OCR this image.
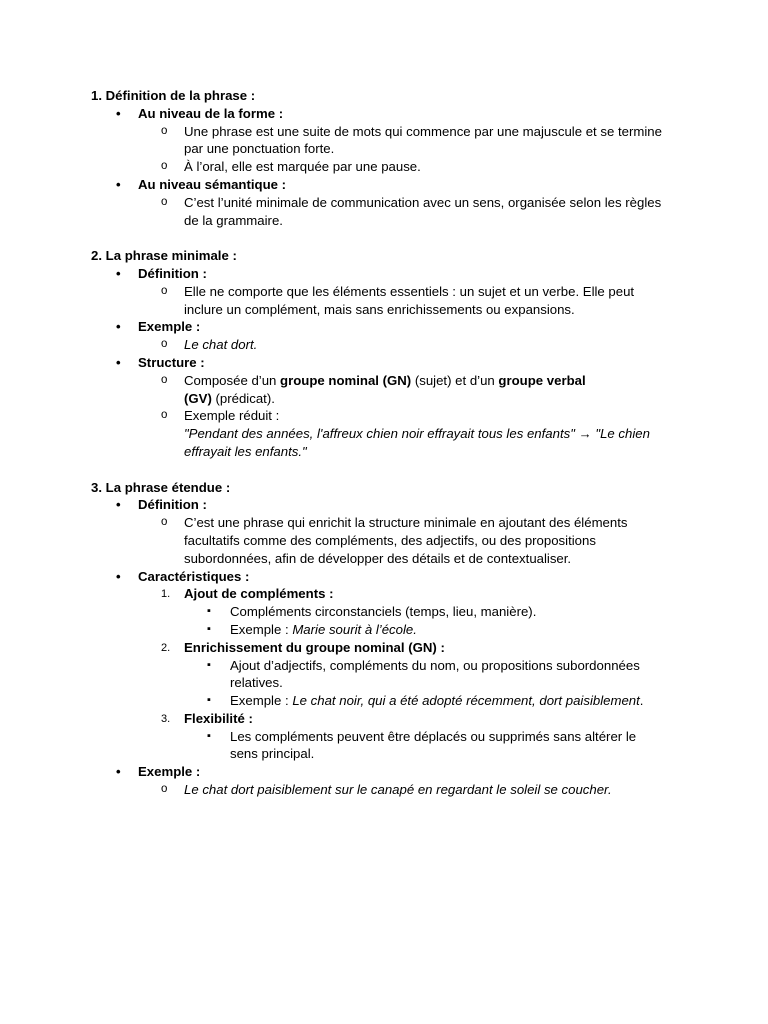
1. Définition de la phrase :
• Au niveau de la forme :
o Une phrase est une suite de mots qui commence par une majuscule et se termine par une ponctuation forte.
o À l’oral, elle est marquée par une pause.
• Au niveau sémantique :
o C’est l’unité minimale de communication avec un sens, organisée selon les règles de la grammaire.
2. La phrase minimale :
• Définition :
o Elle ne comporte que les éléments essentiels : un sujet et un verbe. Elle peut inclure un complément, mais sans enrichissements ou expansions.
• Exemple :
o Le chat dort.
• Structure :
o Composée d’un groupe nominal (GN) (sujet) et d’un groupe verbal (GV) (prédicat).
o Exemple réduit :
"Pendant des années, l'affreux chien noir effrayait tous les enfants" → "Le chien effrayait les enfants."
3. La phrase étendue :
• Définition :
o C’est une phrase qui enrichit la structure minimale en ajoutant des éléments facultatifs comme des compléments, des adjectifs, ou des propositions subordonnées, afin de développer des détails et de contextualiser.
• Caractéristiques :
1. Ajout de compléments :
▪ Compléments circonstanciels (temps, lieu, manière).
▪ Exemple : Marie sourit à l’école.
2. Enrichissement du groupe nominal (GN) :
▪ Ajout d’adjectifs, compléments du nom, ou propositions subordonnées relatives.
▪ Exemple : Le chat noir, qui a été adopté récemment, dort paisiblement.
3. Flexibilité :
▪ Les compléments peuvent être déplacés ou supprimés sans altérer le sens principal.
• Exemple :
o Le chat dort paisiblement sur le canapé en regardant le soleil se coucher.
